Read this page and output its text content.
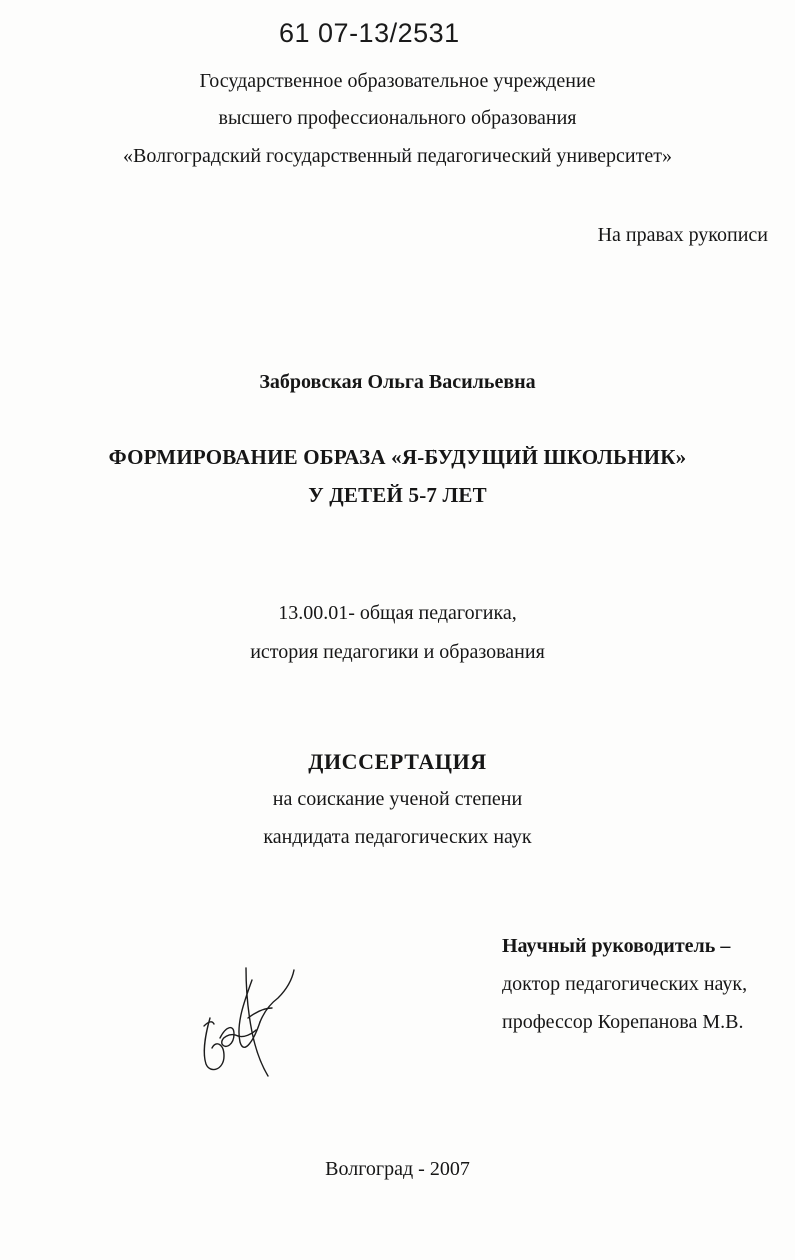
61 07-13/2531
Государственное образовательное учреждение
высшего профессионального образования
«Волгоградский государственный педагогический университет»
На правах рукописи
Забровская Ольга Васильевна
ФОРМИРОВАНИЕ ОБРАЗА «Я-БУДУЩИЙ ШКОЛЬНИК»
У ДЕТЕЙ 5-7 ЛЕТ
13.00.01- общая педагогика,
история педагогики и образования
ДИССЕРТАЦИЯ
на соискание ученой степени
кандидата педагогических наук
Научный руководитель –
доктор педагогических наук,
профессор Корепанова М.В.
Волгоград - 2007
